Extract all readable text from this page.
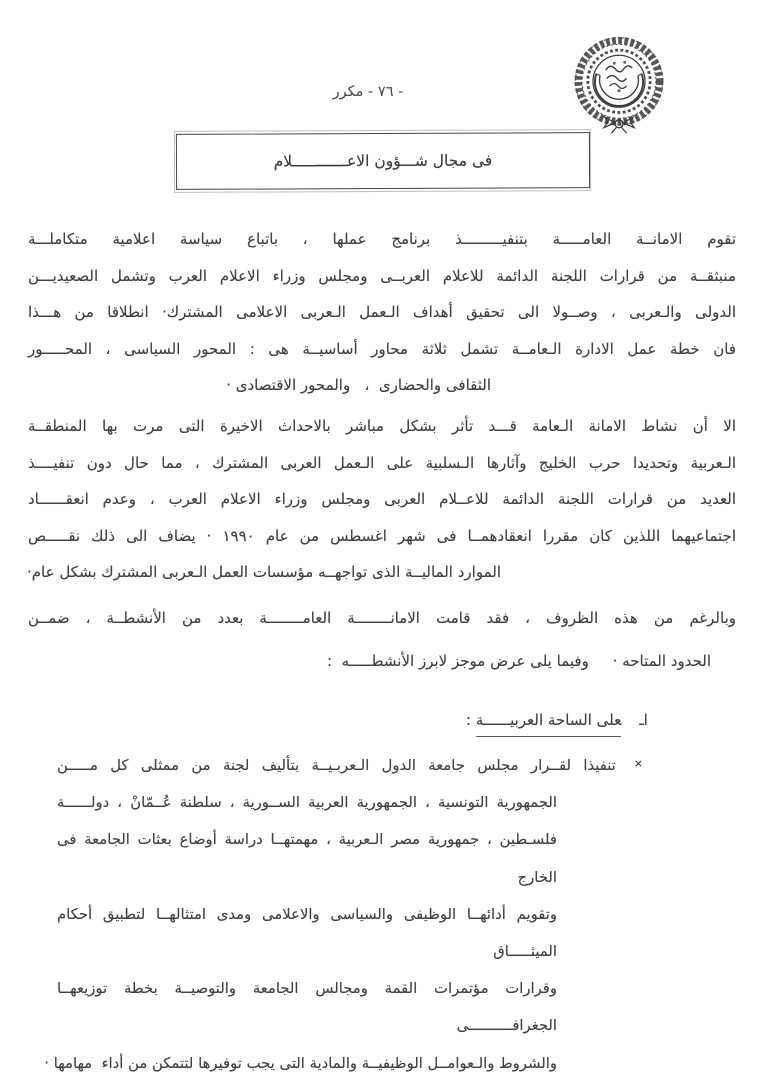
- ٧٦ - مكرر
فى مجال شـــؤون الاعــــــــــــلام
تقوم الامانــة العامـــــة بتنفيـــــــــذ برنامج عملها ، باتباع سياسة اعلامية متكاملـــة
منبثقــة من قرارات اللجنة الدائمة للاعلام العربــى ومجلس وزراء الاعلام العرب وتشمل الصعيديـــن
الدولى والـعربى ، وصــولا الى تحقيق أهداف الـعمل الـعربى الاعلامى المشترك· انطلاقا من هـــذا
فان خطة عمل الادارة الـعامــة تشمل ثلاثة محاور أساسيــة هى : المحور السياسى ، المحـــــور
الثقافى والحضارى  ،   والمحور الاقتصادى ·
الا أن نشاط الامانة الـعامة قـــد تأثر بشكل مباشر بالاحداث الاخيرة التى مرت بها المنطقــة
الـعربية وتحديدا حرب الخليج وآثارها الـسلبية على الـعمل العربى المشترك ، مما حال دون تنفيــــذ
العديد من قرارات اللجنة الدائمة للاعــلام العربى ومجلس وزراء الاعلام العرب ، وعدم انعقــــــاد
اجتماعيهما اللذين كان مقررا انعقادهمــا فى شهر اغسطس من عام ١٩٩٠ · يضاف الى ذلك نقـــــص
الموارد الماليــة الذى تواجهــه مؤسسات العمل الـعربى المشترك بشكل عام·
وبالرغم من هذه الظروف ، فقد قامت الامانــــــــة العامــــــــة بعدد من الأنشطــة ، ضمــن
الحدود المتاحه ·     وفيما يلى عرض موجز لابرز الأنشطـــــه  :

اـعلى الساحة العربيــــــة :

×تنفيذا لقــرار مجلس جامعة الدول الـعربـيــة بتأليف لجنة من ممثلى كل مـــــن
الجمهورية التونسية ، الجمهورية العربية الســورية ، سلطنة عُــمّانْ ، دولــــــة
فلسـطين ، جمهورية مصر الـعربية ، مهمتهــا دراسة أوضاع بعثات الجامعة فى الخارج
وتقويم أدائهــا الوظيفى والسياسى والاعلامى ومدى امتثالهــا لتطبيق أحكام الميثـــــاق
وقرارات مؤتمرات القمة ومجالس الجامعة والتوصيــة بخطة توزيعهــا الجغرافــــــــــى
والشروط والـعوامــل الوظيفيــة والمادية التى يجب توفيرها لتتمكن من أداء  مهامها ·
